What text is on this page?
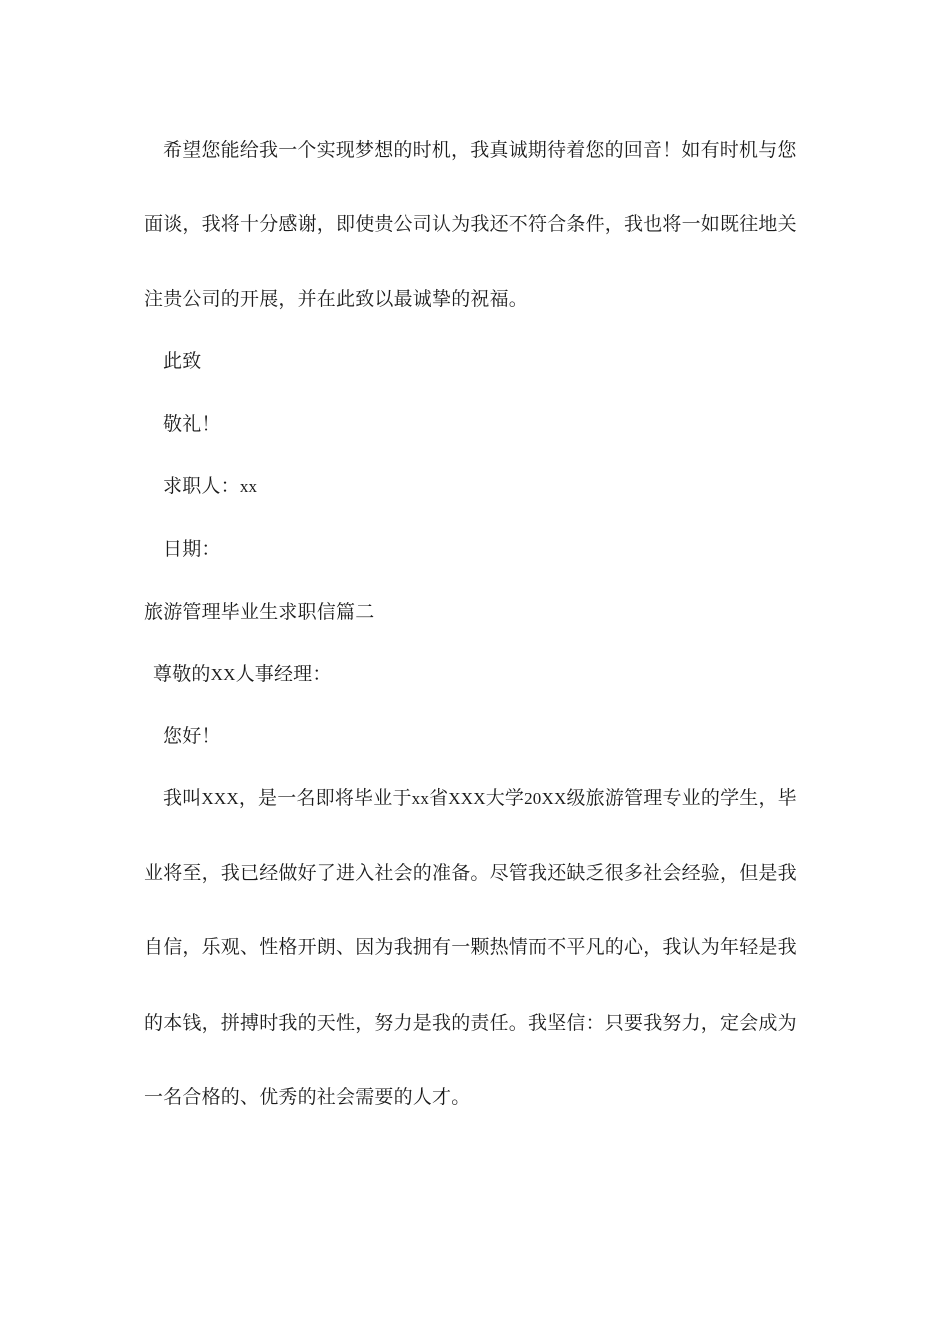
希望您能给我一个实现梦想的时机，我真诚期待着您的回音！如有时机与您
面谈，我将十分感谢，即使贵公司认为我还不符合条件，我也将一如既往地关
注贵公司的开展，并在此致以最诚挚的祝福。
此致
敬礼！
求职人：xx
日期：
旅游管理毕业生求职信篇二
尊敬的XX人事经理：
您好！
我叫XXX，是一名即将毕业于xx省XXX大学20XX级旅游管理专业的学生，毕
业将至，我已经做好了进入社会的准备。尽管我还缺乏很多社会经验，但是我
自信，乐观、性格开朗、因为我拥有一颗热情而不平凡的心，我认为年轻是我
的本钱，拼搏时我的天性，努力是我的责任。我坚信：只要我努力，定会成为
一名合格的、优秀的社会需要的人才。
